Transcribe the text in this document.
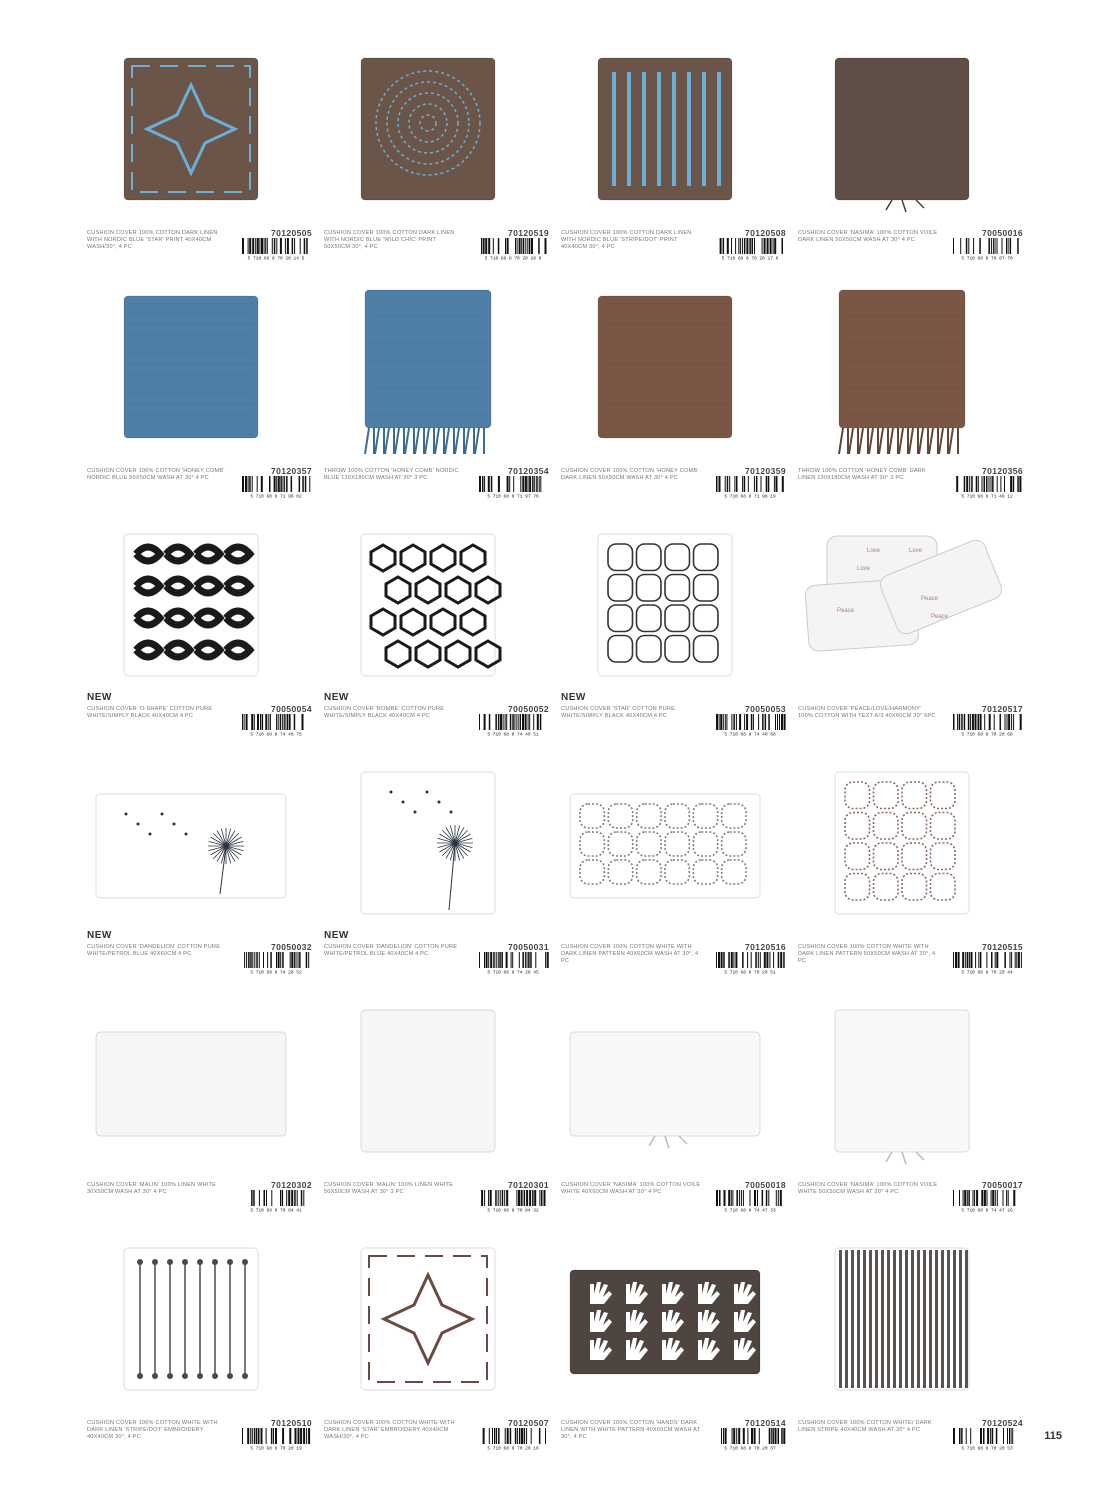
CUSHION COVER 100% COTTON DARK LINEN WITH NORDIC BLUE 'STAR' PRINT 40X40CM WASH/30°, 4 PC
70120505
5 710 68 8 70 20 14 5
CUSHION COVER 100% COTTON DARK LINEN WITH NORDIC BLUE 'WILD CHIC' PRINT 50X50CM 30°, 4 PC
70120519
5 710 68 8 70 20 28 0
CUSHION COVER 100% COTTON DARK LINEN WITH NORDIC BLUE 'STRIPE/DOT' PRINT 40X40CM 30°, 4 PC
70120508
5 710 68 8 70 20 17 6
CUSHION COVER 'NASIMA' 100% COTTON VOILE DARK LINEN 50X50CM WASH AT 30° 4 PC
70050016
5 710 68 8 70 07 70
CUSHION COVER 100% COTTON 'HONEY COMB' NORDIC BLUE 50X50CM WASH AT 30° 4 PC
70120357
5 710 68 8 71 98 02
THROW 100% COTTON 'HONEY COMB' NORDIC BLUE 130X180CM WASH AT 30° 3 PC
70120354
5 710 68 8 71 97 78
CUSHION COVER 100% COTTON 'HONEY COMB' DARK LINEN 50X50CM WASH AT 30° 4 PC
70120359
5 710 68 8 71 98 19
THROW 100% COTTON 'HONEY COMB' DARK LINEN 130X180CM WASH AT 30° 3 PC
70120356
5 710 68 8 71 49 12
NEW
CUSHION COVER 'O-SHAPE' COTTON PURE WHITE/SIMPLY BLACK 40X40CM 4 PC
70050054
5 710 68 8 74 40 75
NEW
CUSHION COVER 'ROMBE' COTTON PURE WHITE/SIMPLY BLACK 40X40CM 4 PC
70050052
5 710 68 8 74 40 51
NEW
CUSHION COVER 'STAR' COTTON PURE WHITE/SIMPLY BLACK 40X40CM 4 PC
70050053
5 710 68 8 74 40 68
Love	Love
Love
Peace
Peace
Peace
CUSHION COVER 'PEACE/LOVE/HARMONY' 100% COTTON WITH TEXT A/3 40X60CM 30° 6PC
70120517
5 710 68 8 70 20 68
NEW
CUSHION COVER 'DANDELION' COTTON PURE WHITE/PETROL BLUE 40X60CM 4 PC
70050032
5 710 68 8 74 28 52
NEW
CUSHION COVER 'DANDELION' COTTON PURE WHITE/PETROL BLUE 40X40CM 4 PC
70050031
5 710 68 8 74 28 45
CUSHION COVER 100% COTTON WHITE WITH DARK LINEN PATTERN 40X60CM WASH AT 30°, 4 PC
70120516
5 710 68 8 70 20 51
CUSHION COVER 100% COTTON WHITE WITH DARK LINEN PATTERN 50X50CM WASH AT 30°, 4 PC
70120515
5 710 68 8 70 20 44
CUSHION COVER 'MALIN' 100% LINEN WHITE 30X50CM WASH AT 30° 4 PC
70120302
5 710 68 8 70 84 41
CUSHION COVER 'MALIN' 100% LINEN WHITE 50X50CM WASH AT 30° 3 PC
70120301
5 710 68 8 70 84 32
CUSHION COVER 'NASIMA' 100% COTTON VOILE WHITE 40X60CM WASH AT 30° 4 PC
70050018
5 710 68 8 74 47 33
CUSHION COVER 'NASIMA' 100% COTTON VOILE WHITE 50X50CM WASH AT 30° 4 PC
70050017
5 710 68 8 74 47 26
CUSHION COVER 100% COTTON WHITE WITH DARK LINEN 'STRIPE/DOT' EMBROIDERY 40X40CM 30°, 4 PC
70120510
5 710 68 8 70 20 19
CUSHION COVER 100% COTTON WHITE WITH DARK LINEN 'STAR' EMBROIDERY 40X40CM WASH/30°, 4 PC
70120507
5 710 68 8 70 20 16
CUSHION COVER 100% COTTON 'HANDS' DARK LINEN WITH WHITE PATTERN 40X60CM WASH AT 30°, 4 PC
70120514
5 710 68 8 70 20 37
CUSHION COVER 100% COTTON WHITE/ DARK LINEN STRIPE 40X40CM WASH AT 30° 4 PC
70120524
5 710 68 8 70 20 53
115
